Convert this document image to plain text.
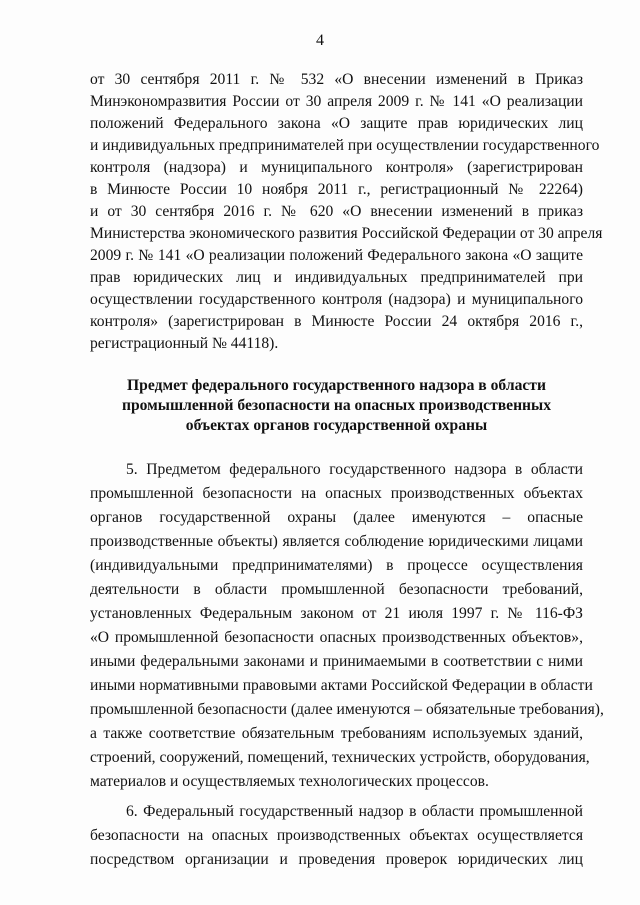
4
от 30 сентября 2011 г. № 532 «О внесении изменений в Приказ
Минэкономразвития России от 30 апреля 2009 г. № 141 «О реализации
положений Федерального закона «О защите прав юридических лиц
и индивидуальных предпринимателей при осуществлении государственного
контроля (надзора) и муниципального контроля» (зарегистрирован
в Минюсте России 10 ноября 2011 г., регистрационный № 22264)
и от 30 сентября 2016 г. № 620 «О внесении изменений в приказ
Министерства экономического развития Российской Федерации от 30 апреля
2009 г. № 141 «О реализации положений Федерального закона «О защите
прав юридических лиц и индивидуальных предпринимателей при
осуществлении государственного контроля (надзора) и муниципального
контроля» (зарегистрирован в Минюсте России 24 октября 2016 г.,
регистрационный № 44118).
Предмет федерального государственного надзора в области
промышленной безопасности на опасных производственных
объектах органов государственной охраны
5. Предметом федерального государственного надзора в области
промышленной безопасности на опасных производственных объектах
органов государственной охраны (далее именуются – опасные
производственные объекты) является соблюдение юридическими лицами
(индивидуальными предпринимателями) в процессе осуществления
деятельности в области промышленной безопасности требований,
установленных Федеральным законом от 21 июля 1997 г. № 116-ФЗ
«О промышленной безопасности опасных производственных объектов»,
иными федеральными законами и принимаемыми в соответствии с ними
иными нормативными правовыми актами Российской Федерации в области
промышленной безопасности (далее именуются – обязательные требования),
а также соответствие обязательным требованиям используемых зданий,
строений, сооружений, помещений, технических устройств, оборудования,
материалов и осуществляемых технологических процессов.
6. Федеральный государственный надзор в области промышленной
безопасности на опасных производственных объектах осуществляется
посредством организации и проведения проверок юридических лиц
